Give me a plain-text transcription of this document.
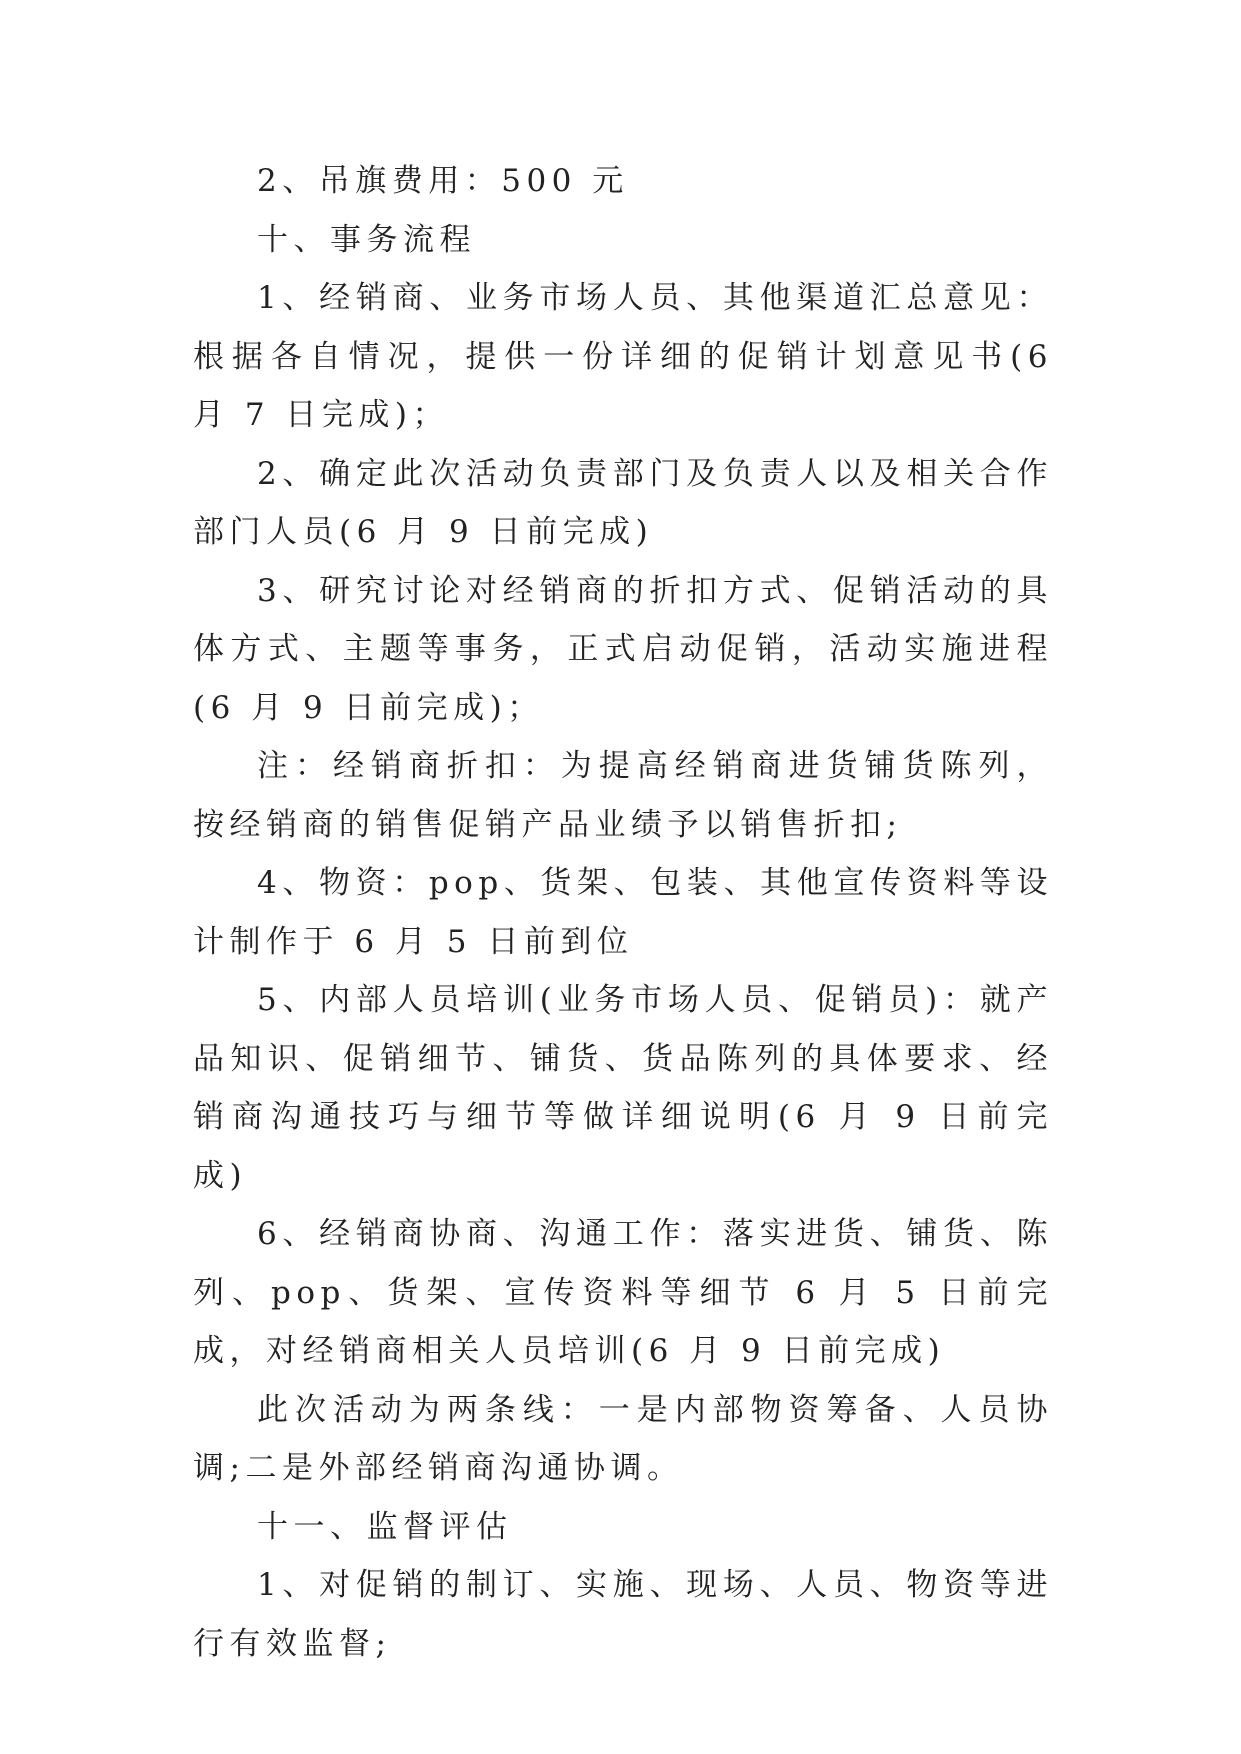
2、吊旗费用：500 元

十、事务流程

1、经销商、业务市场人员、其他渠道汇总意见：根据各自情况，提供一份详细的促销计划意见书(6 月 7 日完成)；

2、确定此次活动负责部门及负责人以及相关合作部门人员(6 月 9 日前完成)

3、研究讨论对经销商的折扣方式、促销活动的具体方式、主题等事务，正式启动促销，活动实施进程(6 月 9 日前完成)；

注：经销商折扣：为提高经销商进货铺货陈列，按经销商的销售促销产品业绩予以销售折扣;

4、物资：pop、货架、包装、其他宣传资料等设计制作于 6 月 5 日前到位

5、内部人员培训(业务市场人员、促销员)：就产品知识、促销细节、铺货、货品陈列的具体要求、经销商沟通技巧与细节等做详细说明(6 月 9 日前完成)

6、经销商协商、沟通工作：落实进货、铺货、陈列、pop、货架、宣传资料等细节 6 月 5 日前完成，对经销商相关人员培训(6 月 9 日前完成)

此次活动为两条线：一是内部物资筹备、人员协调;二是外部经销商沟通协调。

十一、监督评估

1、对促销的制订、实施、现场、人员、物资等进行有效监督;
